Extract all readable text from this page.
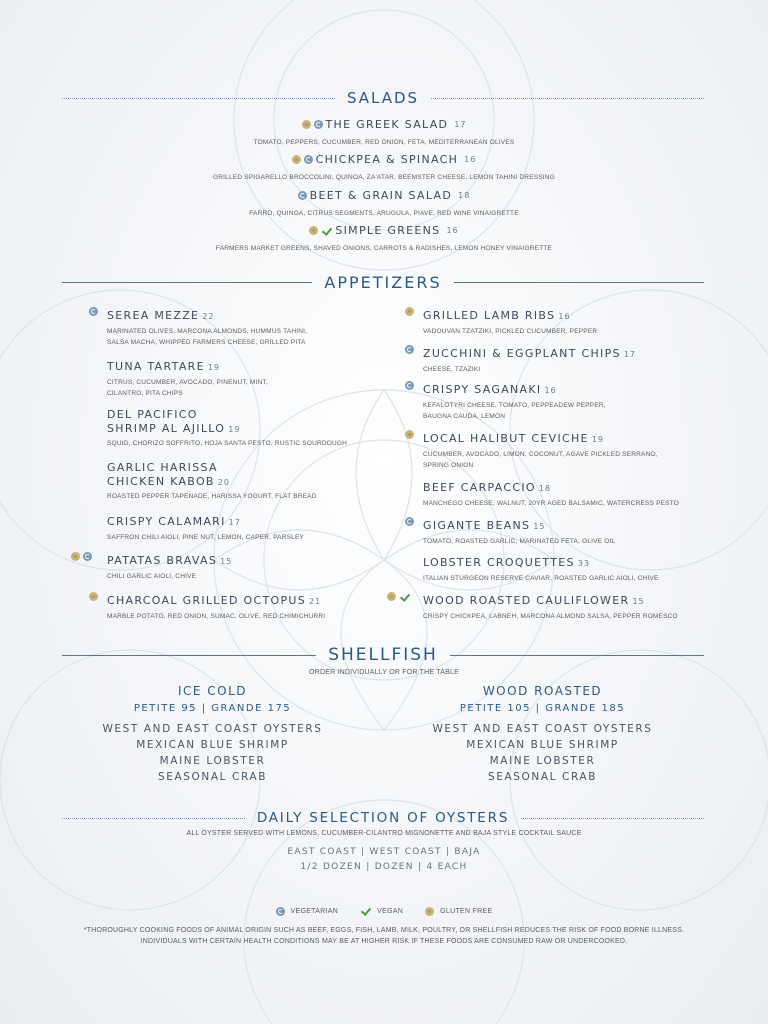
SALADS
THE GREEK SALAD 17
TOMATO, PEPPERS, CUCUMBER, RED ONION, FETA, MEDITERRANEAN OLIVES
CHICKPEA & SPINACH 16
GRILLED SPIGARELLO BROCCOLINI, QUINOA, ZA'ATAR, BEEMSTER CHEESE, LEMON TAHINI DRESSING
BEET & GRAIN SALAD 18
FARRO, QUINOA, CITRUS SEGMENTS, ARUGULA, PIAVE, RED WINE VINAIGRETTE
SIMPLE GREENS 16
FARMERS MARKET GREENS, SHAVED ONIONS, CARROTS & RADISHES, LEMON HONEY VINAIGRETTE
APPETIZERS
SEREA MEZZE 22
MARINATED OLIVES, MARCONA ALMONDS, HUMMUS TAHINI,
SALSA MACHA, WHIPPED FARMERS CHEESE, GRILLED PITA
TUNA TARTARE 19
CITRUS, CUCUMBER, AVOCADO, PINENUT, MINT,
CILANTRO, PITA CHIPS
DEL PACIFICO
SHRIMP AL AJILLO 19
SQUID, CHORIZO SOFFRITO, HOJA SANTA PESTO, RUSTIC SOURDOUGH
GARLIC HARISSA
CHICKEN KABOB 20
ROASTED PEPPER TAPENADE, HARISSA YOGURT, FLAT BREAD
CRISPY CALAMARI 17
SAFFRON CHILI AIOLI, PINE NUT, LEMON, CAPER, PARSLEY
PATATAS BRAVAS 15
CHILI GARLIC AIOLI, CHIVE
CHARCOAL GRILLED OCTOPUS 21
MARBLE POTATO, RED ONION, SUMAC, OLIVE, RED CHIMICHURRI
GRILLED LAMB RIBS 16
VADOUVAN TZATZIKI, PICKLED CUCUMBER, PEPPER
ZUCCHINI & EGGPLANT CHIPS 17
CHEESE, TZAZIKI
CRISPY SAGANAKI 16
KEFALOTYRI CHEESE, TOMATO, PEPPEADEW PEPPER,
BAUGNA CAUDA, LEMON
LOCAL HALIBUT CEVICHE 19
CUCUMBER, AVOCADO, LIMON, COCONUT, AGAVE PICKLED SERRANO,
SPRING ONION
BEEF CARPACCIO 18
MANCHEGO CHEESE, WALNUT, 20YR AGED BALSAMIC, WATERCRESS PESTO
GIGANTE BEANS 15
TOMATO, ROASTED GARLIC, MARINATED FETA, OLIVE OIL
LOBSTER CROQUETTES 33
ITALIAN STURGEON RESERVE CAVIAR, ROASTED GARLIC AIOLI, CHIVE
WOOD ROASTED CAULIFLOWER 15
CRISPY CHICKPEA, LABNEH, MARCONA ALMOND SALSA, PEPPER ROMESCO
SHELLFISH
ORDER INDIVIDUALLY OR FOR THE TABLE
ICE COLD
PETITE 95 | GRANDE 175
WEST AND EAST COAST OYSTERS
MEXICAN BLUE SHRIMP
MAINE LOBSTER
SEASONAL CRAB
WOOD ROASTED
PETITE 105 | GRANDE 185
WEST AND EAST COAST OYSTERS
MEXICAN BLUE SHRIMP
MAINE LOBSTER
SEASONAL CRAB
DAILY SELECTION OF OYSTERS
ALL OYSTER SERVED WITH LEMONS, CUCUMBER-CILANTRO MIGNONETTE AND BAJA STYLE COCKTAIL SAUCE
EAST COAST | WEST COAST | BAJA
1/2 DOZEN | DOZEN | 4 EACH
VEGETARIAN	VEGAN	GLUTEN FREE
*THOROUGHLY COOKING FOODS OF ANIMAL ORIGIN SUCH AS BEEF, EGGS, FISH, LAMB, MILK, POULTRY, OR SHELLFISH REDUCES THE RISK OF FOOD BORNE ILLNESS.
INDIVIDUALS WITH CERTAIN HEALTH CONDITIONS MAY BE AT HIGHER RISK IF THESE FOODS ARE CONSUMED RAW OR UNDERCOOKED.
